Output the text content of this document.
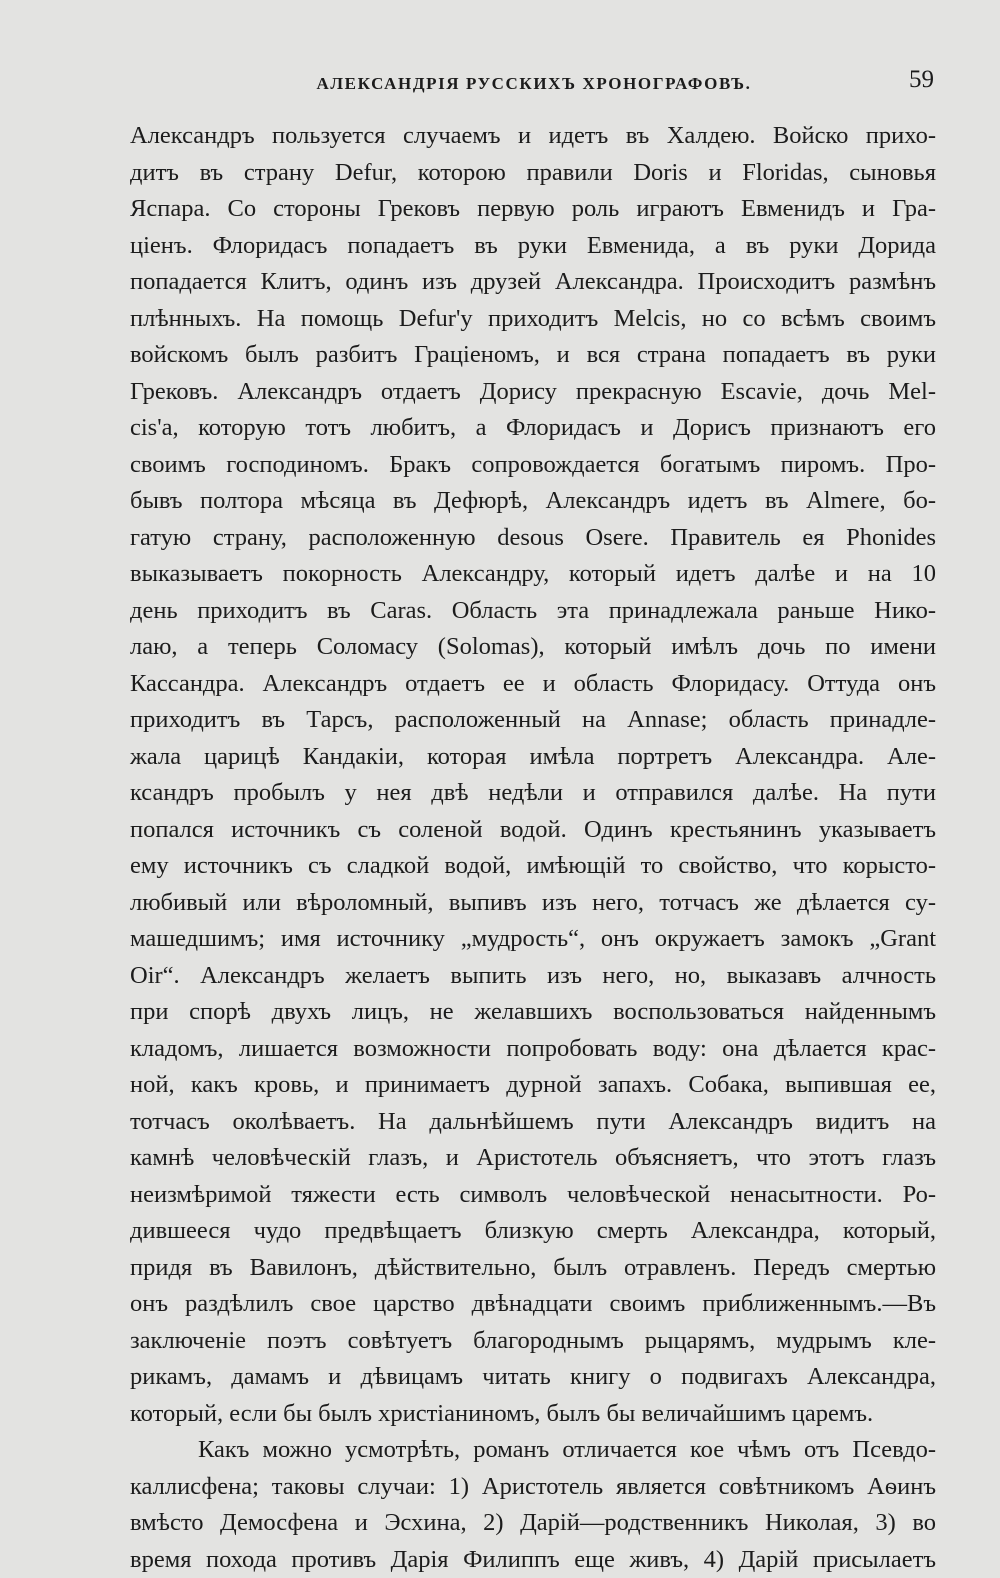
АЛЕКСАНДРІЯ РУССКИХЪ ХРОНОГРАФОВЪ.	59
Александръ пользуется случаемъ и идетъ въ Халдею. Войско прихо-
дитъ въ страну Defur, которою правили Doris и Floridas, сыновья
Яспара. Со стороны Грековъ первую роль играютъ Евменидъ и Гра-
ціенъ. Флоридасъ попадаетъ въ руки Евменида, а въ руки Дорида
попадается Клитъ, одинъ изъ друзей Александра. Происходитъ размѣнъ
плѣнныхъ. На помощь Defur'у приходитъ Melcis, но со всѣмъ своимъ
войскомъ былъ разбитъ Граціеномъ, и вся страна попадаетъ въ руки
Грековъ. Александръ отдаетъ Дорису прекрасную Escavie, дочь Mel-
cis'a, которую тотъ любитъ, а Флоридасъ и Дорисъ признаютъ его
своимъ господиномъ. Бракъ сопровождается богатымъ пиромъ. Про-
бывъ полтора мѣсяца въ Дефюрѣ, Александръ идетъ въ Almere, бо-
гатую страну, расположенную desous Osere. Правитель ея Phonides
выказываетъ покорность Александру, который идетъ далѣе и на 10
день приходитъ въ Caras. Область эта принадлежала раньше Нико-
лаю, а теперь Соломасу (Solomas), который имѣлъ дочь по имени
Кассандра. Александръ отдаетъ ее и область Флоридасу. Оттуда онъ
приходитъ въ Тарсъ, расположенный на Annase; область принадле-
жала царицѣ Кандакіи, которая имѣла портретъ Александра. Але-
ксандръ пробылъ у нея двѣ недѣли и отправился далѣе. На пути
попался источникъ съ соленой водой. Одинъ крестьянинъ указываетъ
ему источникъ съ сладкой водой, имѣющій то свойство, что корысто-
любивый или вѣроломный, выпивъ изъ него, тотчасъ же дѣлается су-
машедшимъ; имя источнику „мудрость“, онъ окружаетъ замокъ „Grant
Oir“. Александръ желаетъ выпить изъ него, но, выказавъ алчность
при спорѣ двухъ лицъ, не желавшихъ воспользоваться найденнымъ
кладомъ, лишается возможности попробовать воду: она дѣлается крас-
ной, какъ кровь, и принимаетъ дурной запахъ. Собака, выпившая ее,
тотчасъ околѣваетъ. На дальнѣйшемъ пути Александръ видитъ на
камнѣ человѣческій глазъ, и Аристотель объясняетъ, что этотъ глазъ
неизмѣримой тяжести есть символъ человѣческой ненасытности. Ро-
дившееся чудо предвѣщаетъ близкую смерть Александра, который,
придя въ Вавилонъ, дѣйствительно, былъ отравленъ. Передъ смертью
онъ раздѣлилъ свое царство двѣнадцати своимъ приближеннымъ.—Въ
заключеніе поэтъ совѣтуетъ благороднымъ рыцарямъ, мудрымъ кле-
рикамъ, дамамъ и дѣвицамъ читать книгу о подвигахъ Александра,
который, если бы былъ христіаниномъ, былъ бы величайшимъ царемъ.
Какъ можно усмотрѣть, романъ отличается кое чѣмъ отъ Псевдо-
каллисфена; таковы случаи: 1) Аристотель является совѣтникомъ Аѳинъ
вмѣсто Демосфена и Эсхина, 2) Дарій—родственникъ Николая, 3) во
время похода противъ Дарія Филиппъ еще живъ, 4) Дарій присылаетъ
